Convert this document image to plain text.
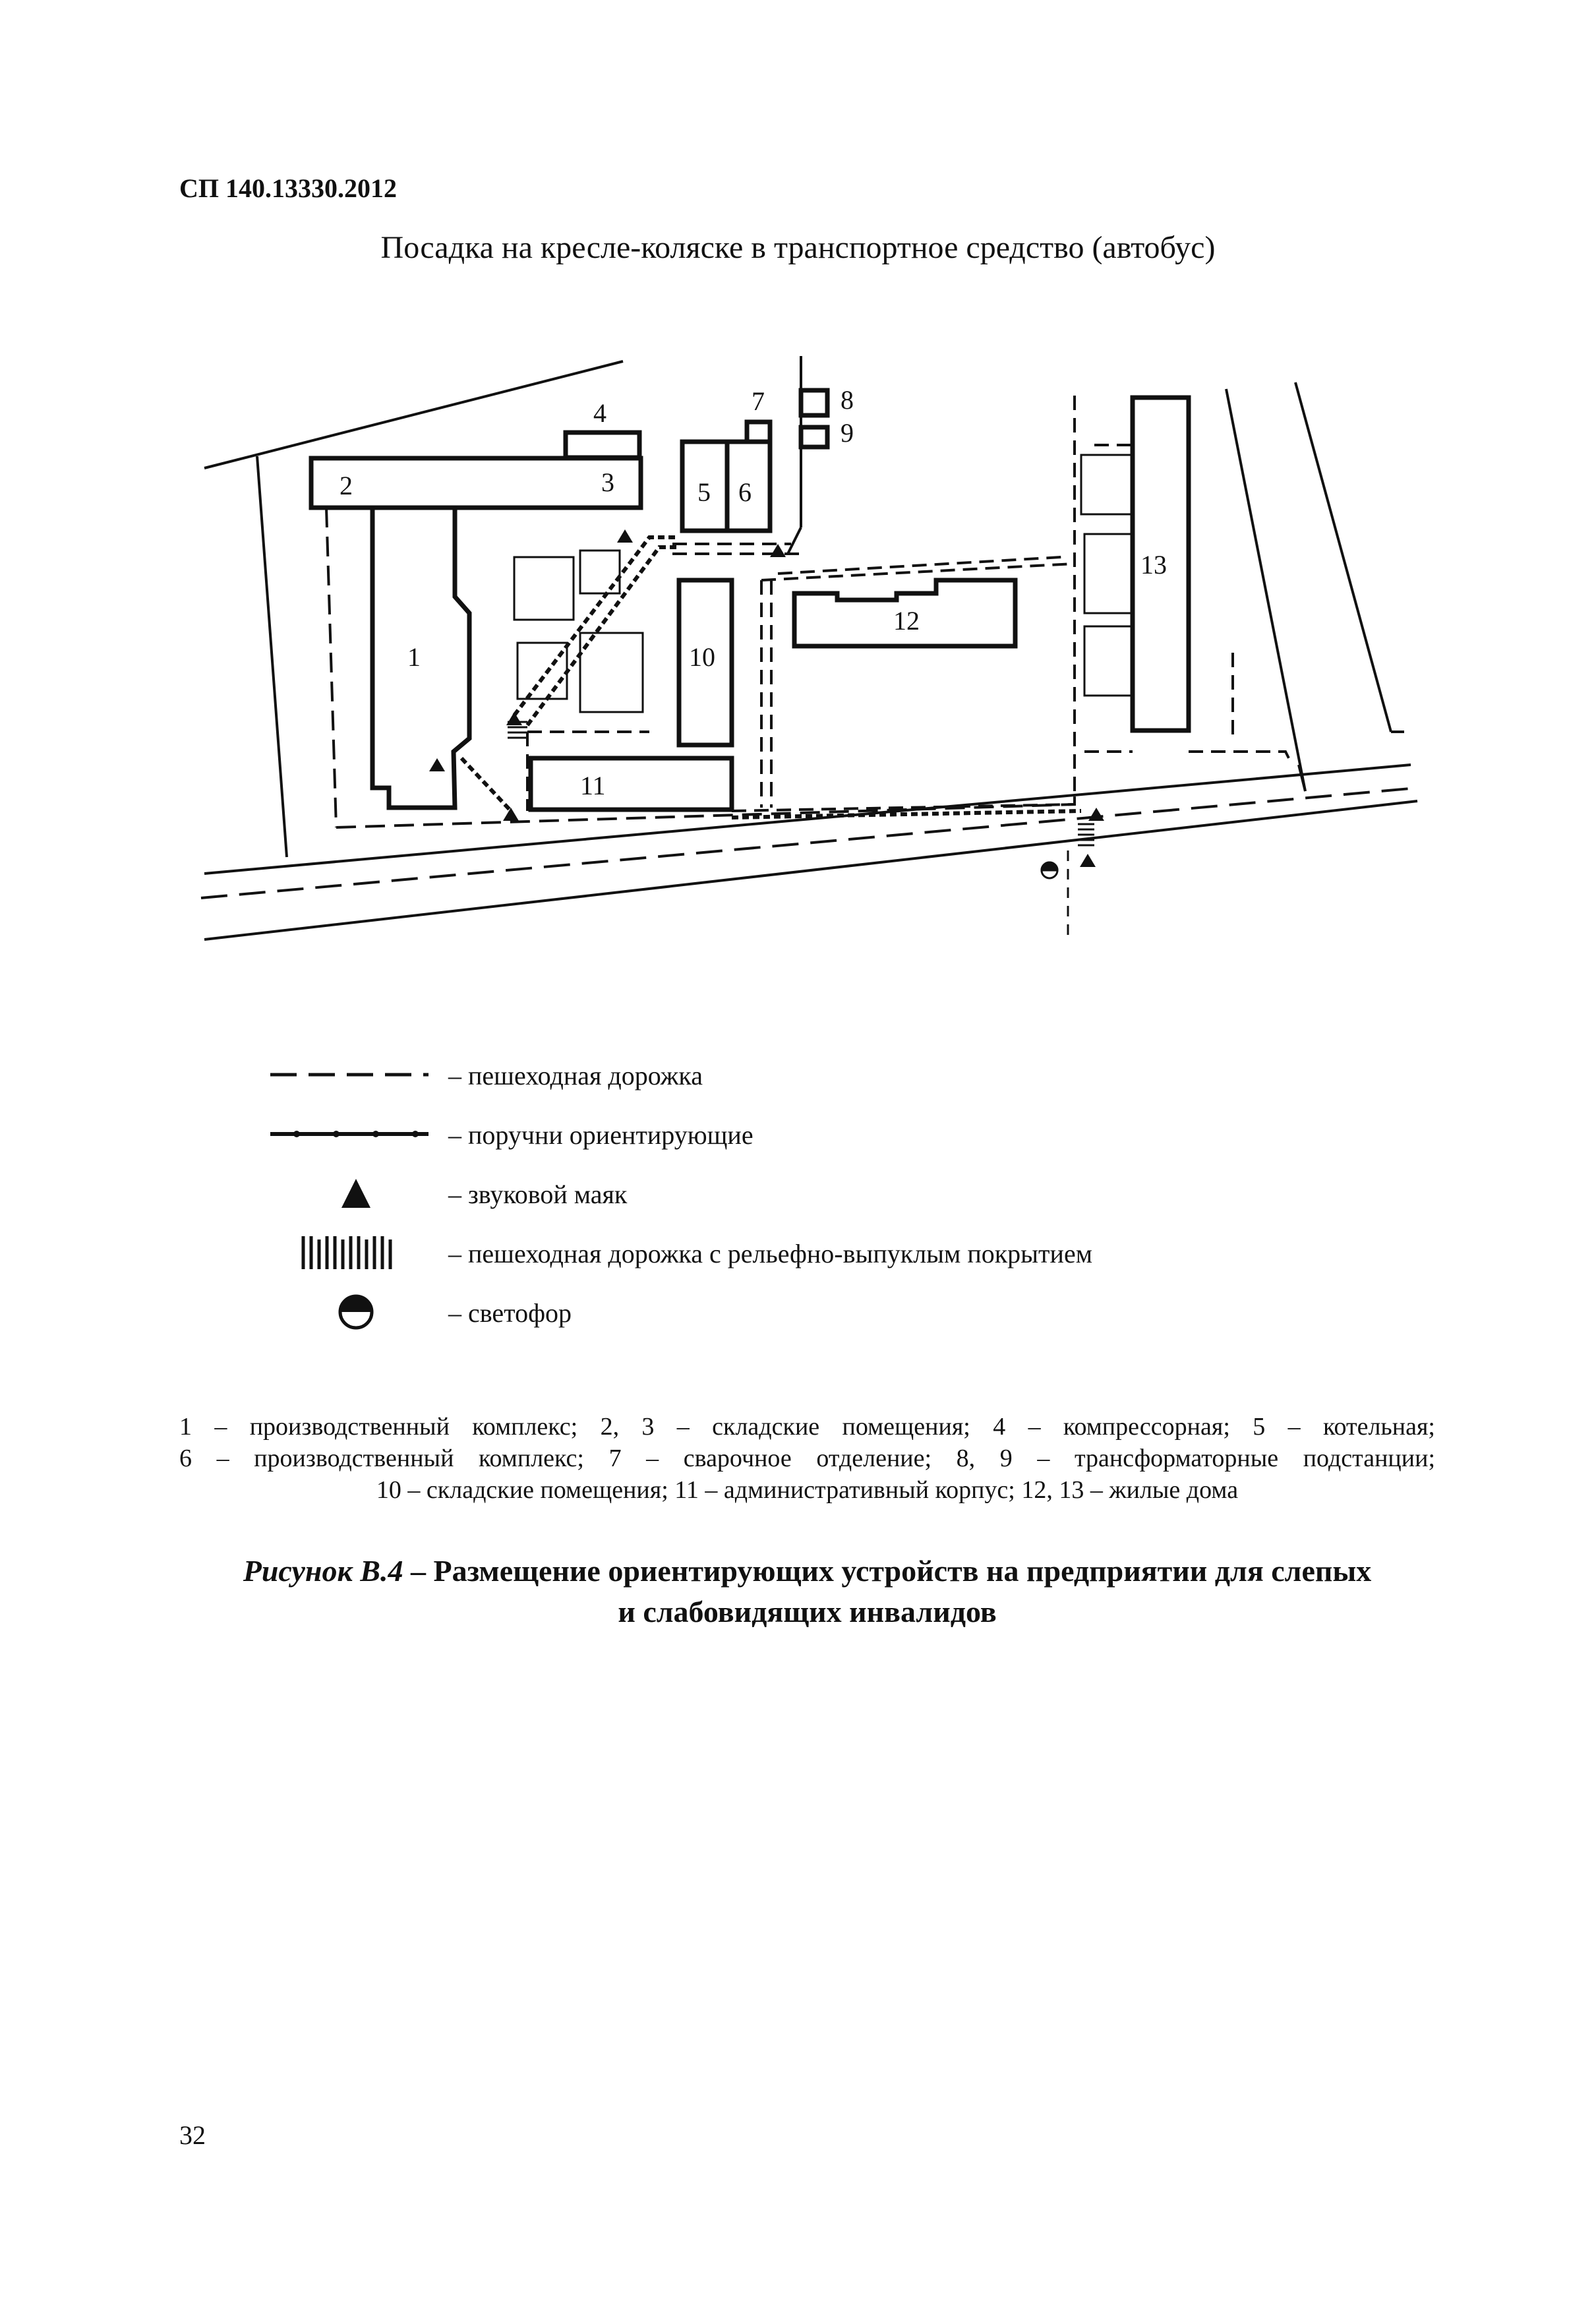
СП 140.13330.2012
Посадка на кресле-коляске в транспортное средство (автобус)
1
2	3
4
5 6
7	8
9
10
11
12
13
– пешеходная дорожка
– поручни ориентирующие
– звуковой маяк
– пешеходная дорожка с рельефно-выпуклым покрытием
– светофор
1 – производственный комплекс; 2, 3 – складские помещения; 4 – компрессорная; 5 – котельная;
6 – производственный комплекс; 7 – сварочное отделение; 8, 9 – трансформаторные подстанции;
10 – складские помещения; 11 – административный корпус; 12, 13 – жилые дома
Рисунок В.4 – Размещение ориентирующих устройств на предприятии для слепых
и слабовидящих инвалидов
32
